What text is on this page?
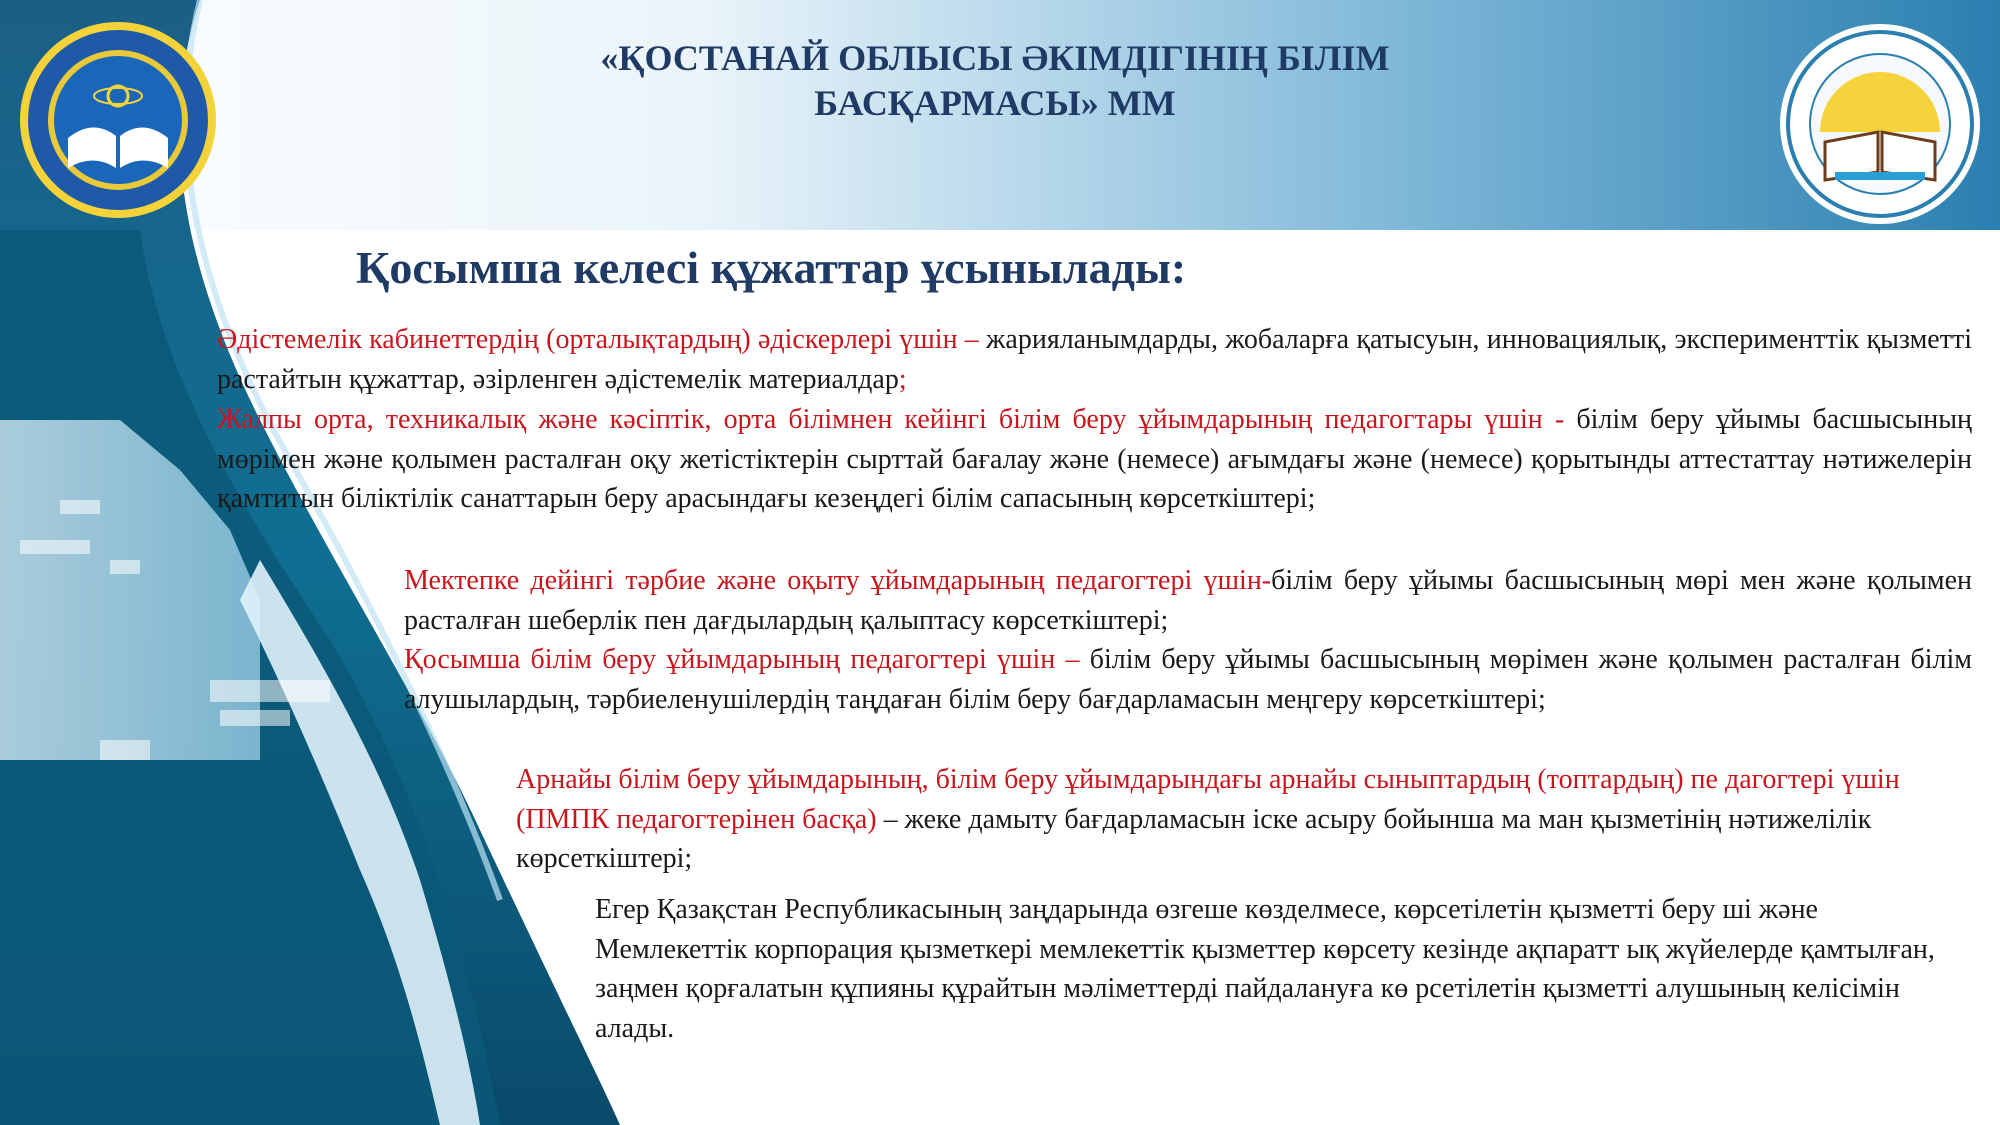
«ҚОСТАНАЙ ОБЛЫСЫ ӘКІМДІГІНІҢ БІЛІМ
БАСҚАРМАСЫ» ММ
Қосымша келесі құжаттар ұсынылады:
Әдістемелік кабинеттердің (орталықтардың) әдіскерлері үшін – жарияланымдарды, жобаларға қатысуын, инновациялық, эксперименттік қызметті растайтын құжаттар, әзірленген әдістемелік материалдар;
Жалпы орта, техникалық және кәсіптік, орта білімнен кейінгі білім беру ұйымдарының педагогтары үшін - білім беру ұйымы басшысының мөрімен және қолымен расталған оқу жетістіктерін сырттай бағалау және (немесе) ағымдағы және (немесе) қорытынды аттестаттау нәтижелерін қамтитын біліктілік санаттарын беру арасындағы кезеңдегі білім сапасының көрсеткіштері;
Мектепке дейінгі тәрбие және оқыту ұйымдарының педагогтері үшін-білім беру ұйымы басшысының мөрі мен және қолымен расталған шеберлік пен дағдылардың қалыптасу көрсеткіштері;
Қосымша білім беру ұйымдарының педагогтері үшін – білім беру ұйымы басшысының мөрімен және қолымен расталған білім алушылардың, тәрбиеленушілердің таңдаған білім беру бағдарламасын меңгеру көрсеткіштері;
Арнайы білім беру ұйымдарының, білім беру ұйымдарындағы арнайы сыныптардың (топтардың) пе дагогтері үшін (ПМПК педагогтерінен басқа) – жеке дамыту бағдарламасын іске асыру бойынша ма ман қызметінің нәтижелілік көрсеткіштері;
Егер Қазақстан Республикасының заңдарында өзгеше көзделмесе, көрсетілетін қызметті беру ші және Мемлекеттік корпорация қызметкері мемлекеттік қызметтер көрсету кезінде ақпаратт ық жүйелерде қамтылған, заңмен қорғалатын құпияны құрайтын мәліметтерді пайдалануға кө рсетілетін қызметті алушының келісімін алады.
